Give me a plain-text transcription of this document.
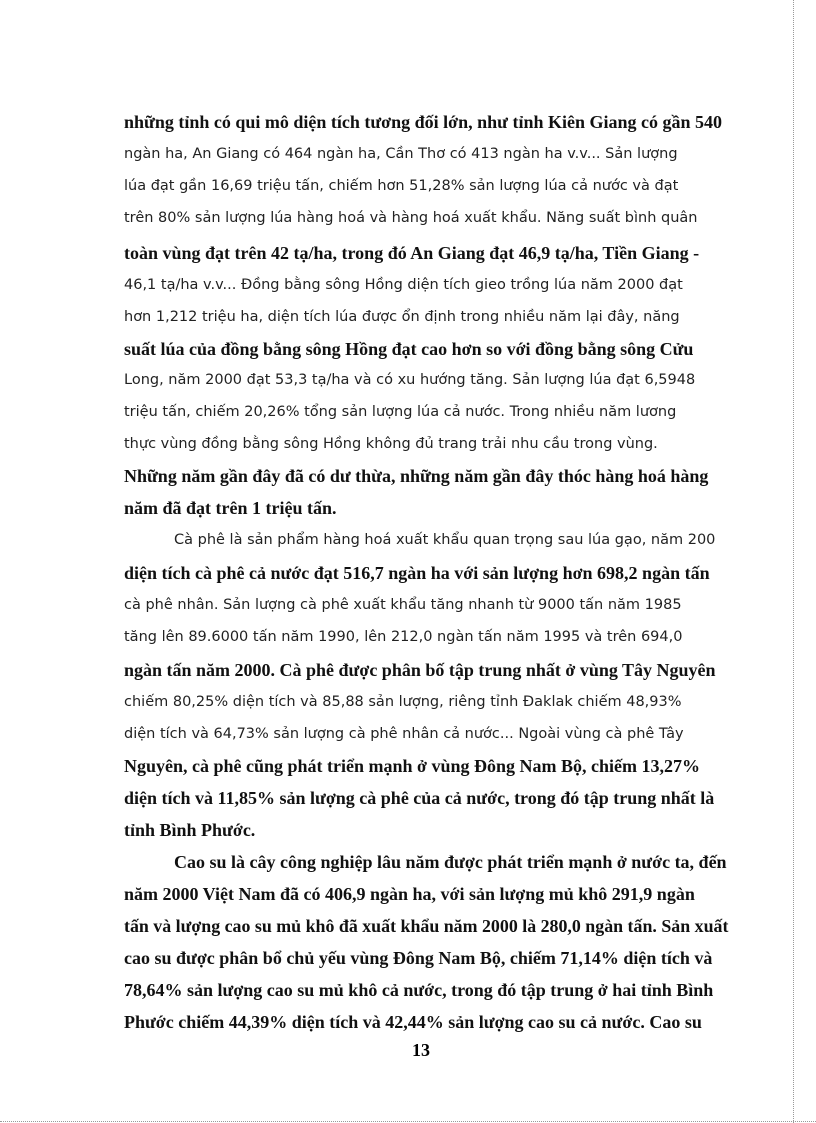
những tỉnh có qui mô diện tích tương đối lớn, như tỉnh Kiên Giang có gần 540
ngàn ha, An Giang có 464 ngàn ha, Cần Thơ có 413 ngàn ha v.v... Sản lượng
lúa đạt gần 16,69 triệu tấn, chiếm hơn 51,28% sản lượng lúa cả nước và đạt
trên 80% sản lượng lúa hàng hoá và hàng hoá xuất khẩu. Năng suất bình quân
toàn vùng đạt trên 42 tạ/ha, trong đó An Giang đạt 46,9 tạ/ha, Tiền Giang -
46,1 tạ/ha v.v... Đồng bằng sông Hồng diện tích gieo trồng lúa năm 2000 đạt
hơn 1,212 triệu ha, diện tích lúa được ổn định trong nhiều năm lại đây, năng
suất lúa của đồng bằng sông Hồng đạt cao hơn so với đồng bằng sông Cửu
Long, năm 2000 đạt 53,3 tạ/ha và có xu hướng tăng. Sản lượng lúa đạt 6,5948
triệu tấn, chiếm 20,26% tổng sản lượng lúa cả nước. Trong nhiều năm lương
thực vùng đồng bằng sông Hồng không đủ trang trải nhu cầu trong vùng.
Những năm gần đây đã có dư thừa, những năm gần đây thóc hàng hoá hàng
năm đã đạt trên 1 triệu tấn.
Cà phê là sản phẩm hàng hoá xuất khẩu quan trọng sau lúa gạo, năm 200
diện tích cà phê cả nước đạt 516,7 ngàn ha với sản lượng hơn 698,2 ngàn tấn
cà phê nhân. Sản lượng cà phê xuất khẩu tăng nhanh từ 9000 tấn năm 1985
tăng lên 89.6000 tấn năm 1990, lên 212,0 ngàn tấn năm 1995 và trên 694,0
ngàn tấn năm 2000. Cà phê được phân bố tập trung nhất ở vùng Tây Nguyên
chiếm 80,25% diện tích và 85,88 sản lượng, riêng tỉnh Đaklak chiếm 48,93%
diện tích và 64,73% sản lượng cà phê nhân cả nước... Ngoài vùng cà phê Tây
Nguyên, cà phê cũng phát triển mạnh ở vùng Đông Nam Bộ, chiếm 13,27%
diện tích và 11,85% sản lượng cà phê của cả nước, trong đó tập trung nhất là
tỉnh Bình Phước.
Cao su là cây công nghiệp lâu năm được phát triển mạnh ở nước ta, đến
năm 2000 Việt Nam đã có 406,9 ngàn ha, với sản lượng mủ khô 291,9 ngàn
tấn và lượng cao su mủ khô đã xuất khẩu năm 2000 là 280,0 ngàn tấn. Sản xuất
cao su được phân bổ chủ yếu vùng Đông Nam Bộ, chiếm 71,14% diện tích và
78,64% sản lượng cao su mủ khô cả nước, trong đó tập trung ở hai tỉnh Bình
Phước chiếm 44,39% diện tích và 42,44% sản lượng cao su cả nước. Cao su
13
